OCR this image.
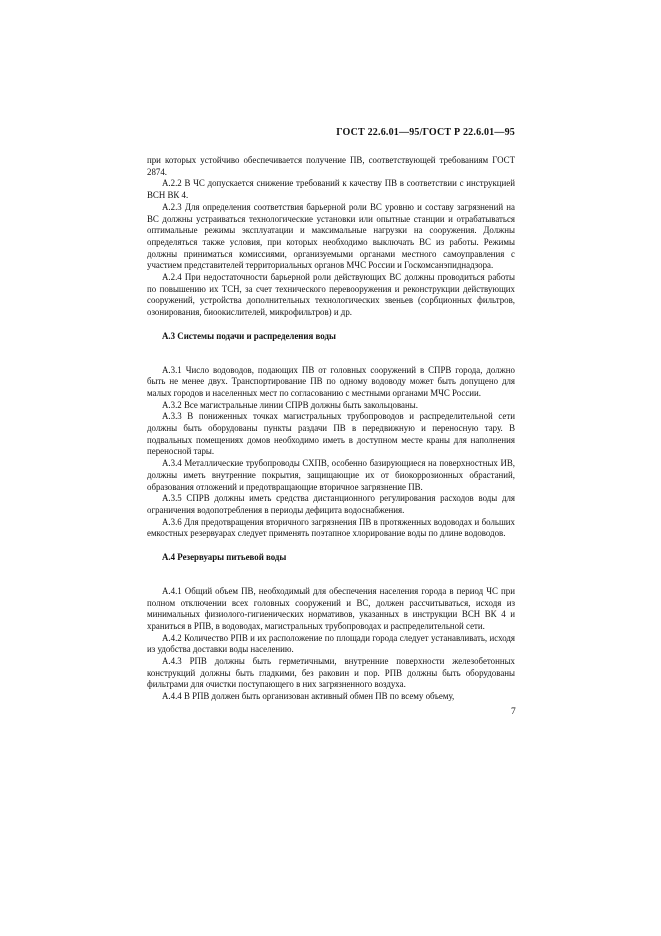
ГОСТ 22.6.01—95/ГОСТ Р 22.6.01—95

при которых устойчиво обеспечивается получение ПВ, соответствующей требованиям ГОСТ 2874.

А.2.2 В ЧС допускается снижение требований к качеству ПВ в соответствии с инструкцией ВСН ВК 4.

А.2.3 Для определения соответствия барьерной роли ВС уровню и составу загрязнений на ВС должны устраиваться технологические установки или опытные станции и отрабатываться оптимальные режимы эксплуатации и максимальные нагрузки на сооружения. Должны определяться также условия, при которых необходимо выключать ВС из работы. Режимы должны приниматься комиссиями, организуемыми органами местного самоуправления с участием представителей территориальных органов МЧС России и Госкомсанэпиднадзора.

А.2.4 При недостаточности барьерной роли действующих ВС должны проводиться работы по повышению их ТСН, за счет технического перевооружения и реконструкции действующих сооружений, устройства дополнительных технологических звеньев (сорбционных фильтров, озонирования, биоокислителей, микрофильтров) и др.

А.3 Системы подачи и распределения воды

А.3.1 Число водоводов, подающих ПВ от головных сооружений в СПРВ города, должно быть не менее двух. Транспортирование ПВ по одному водоводу может быть допущено для малых городов и населенных мест по согласованию с местными органами МЧС России.

А.3.2 Все магистральные линии СПРВ должны быть закольцованы.

А.3.3 В пониженных точках магистральных трубопроводов и распределительной сети должны быть оборудованы пункты раздачи ПВ в передвижную и переносную тару. В подвальных помещениях домов необходимо иметь в доступном месте краны для наполнения переносной тары.

А.3.4 Металлические трубопроводы СХПВ, особенно базирующиеся на поверхностных ИВ, должны иметь внутренние покрытия, защищающие их от биокоррозионных обрастаний, образования отложений и предотвращающие вторичное загрязнение ПВ.

А.3.5 СПРВ должны иметь средства дистанционного регулирования расходов воды для ограничения водопотребления в периоды дефицита водоснабжения.

А.3.6 Для предотвращения вторичного загрязнения ПВ в протяженных водоводах и больших емкостных резервуарах следует применять поэтапное хлорирование воды по длине водоводов.

А.4 Резервуары питьевой воды

А.4.1 Общий объем ПВ, необходимый для обеспечения населения города в период ЧС при полном отключении всех головных сооружений и ВС, должен рассчитываться, исходя из минимальных физиолого-гигиенических нормативов, указанных в инструкции ВСН ВК 4 и храниться в РПВ, в водоводах, магистральных трубопроводах и распределительной сети.

А.4.2 Количество РПВ и их расположение по площади города следует устанавливать, исходя из удобства доставки воды населению.

А.4.3 РПВ должны быть герметичными, внутренние поверхности железобетонных конструкций должны быть гладкими, без раковин и пор. РПВ должны быть оборудованы фильтрами для очистки поступающего в них загрязненного воздуха.

А.4.4 В РПВ должен быть организован активный обмен ПВ по всему объему,

7
